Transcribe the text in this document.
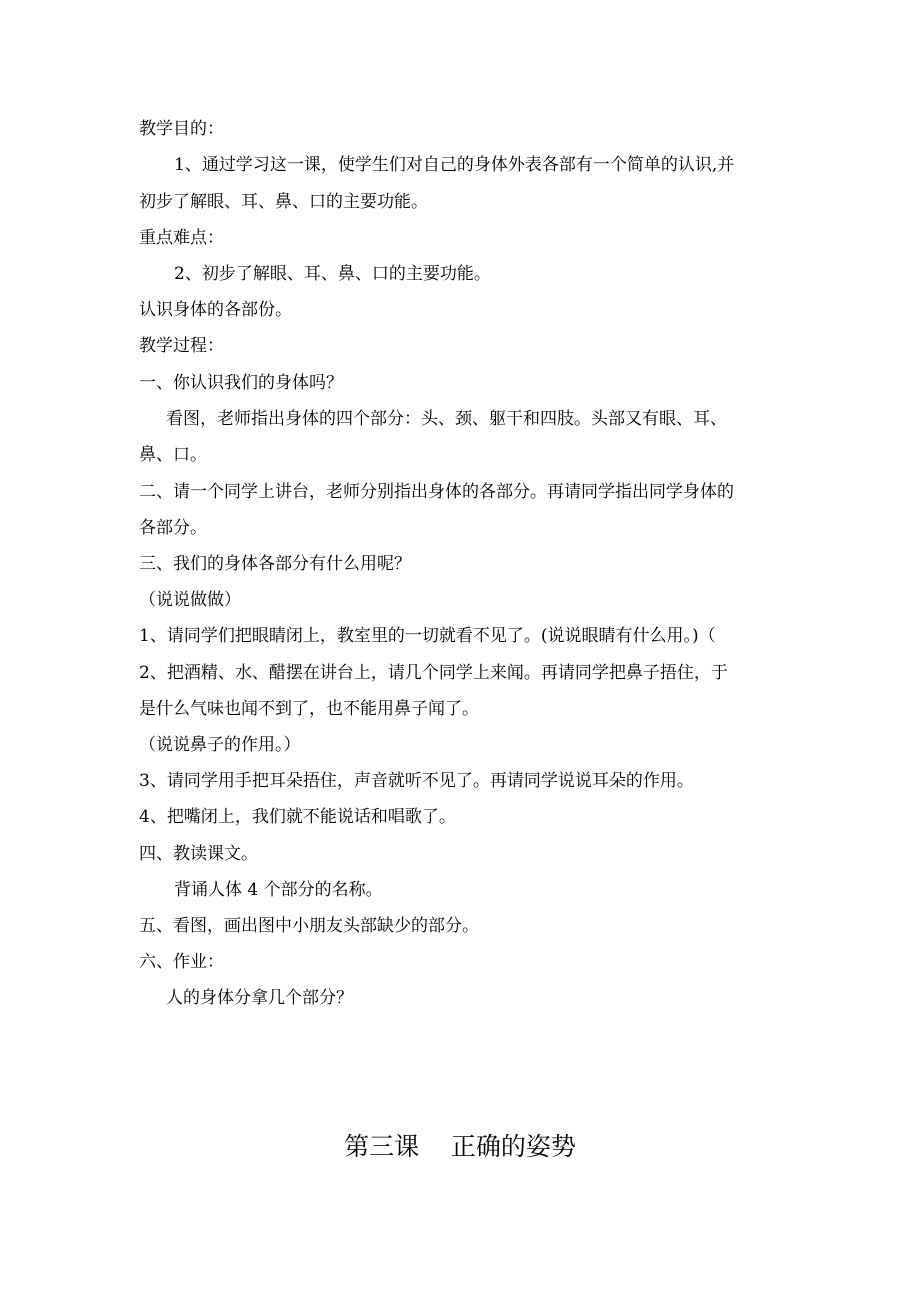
教学目的：
1、通过学习这一课，使学生们对自己的身体外表各部有一个简单的认识,并
初步了解眼、耳、鼻、口的主要功能。
重点难点：
2、初步了解眼、耳、鼻、口的主要功能。
认识身体的各部份。
教学过程：
一、你认识我们的身体吗？
看图，老师指出身体的四个部分：头、颈、躯干和四肢。头部又有眼、耳、
鼻、口。
二、请一个同学上讲台，老师分别指出身体的各部分。再请同学指出同学身体的
各部分。
三、我们的身体各部分有什么用呢？
（说说做做）
1、请同学们把眼睛闭上，教室里的一切就看不见了。(说说眼睛有什么用。)（
2、把酒精、水、醋摆在讲台上，请几个同学上来闻。再请同学把鼻子捂住，于
是什么气味也闻不到了，也不能用鼻子闻了。
（说说鼻子的作用。）
3、请同学用手把耳朵捂住，声音就听不见了。再请同学说说耳朵的作用。
4、把嘴闭上，我们就不能说话和唱歌了。
四、教读课文。
背诵人体 4 个部分的名称。
五、看图，画出图中小朋友头部缺少的部分。
六、作业：
人的身体分拿几个部分？
第三课    正确的姿势
